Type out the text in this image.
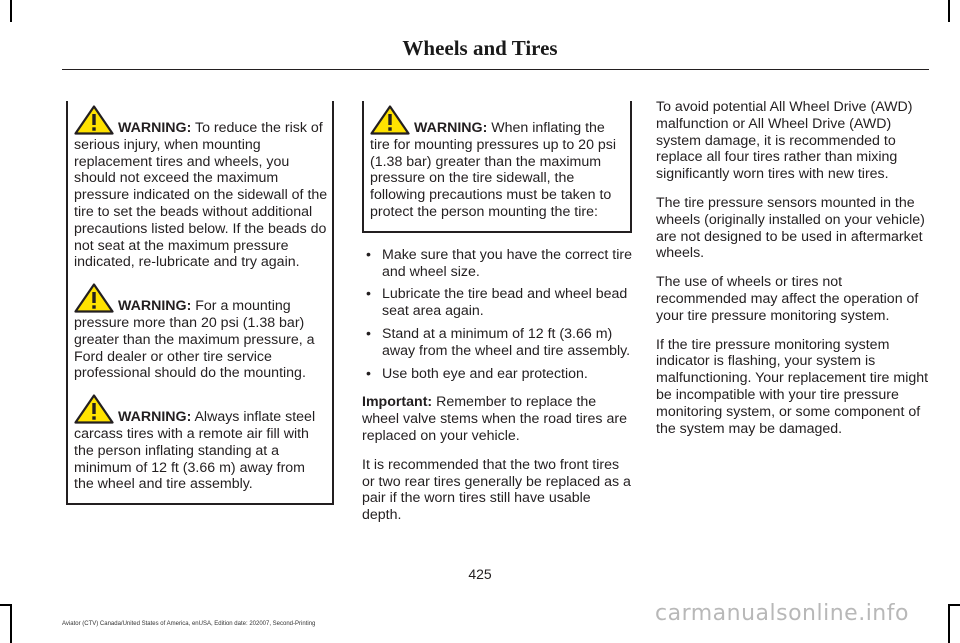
Wheels and Tires
WARNING: To reduce the risk of serious injury, when mounting replacement tires and wheels, you should not exceed the maximum pressure indicated on the sidewall of the tire to set the beads without additional precautions listed below. If the beads do not seat at the maximum pressure indicated, re-lubricate and try again.
WARNING: For a mounting pressure more than 20 psi (1.38 bar) greater than the maximum pressure, a Ford dealer or other tire service professional should do the mounting.
WARNING: Always inflate steel carcass tires with a remote air fill with the person inflating standing at a minimum of 12 ft (3.66 m) away from the wheel and tire assembly.
WARNING: When inflating the tire for mounting pressures up to 20 psi (1.38 bar) greater than the maximum pressure on the tire sidewall, the following precautions must be taken to protect the person mounting the tire:
• Make sure that you have the correct tire and wheel size.
• Lubricate the tire bead and wheel bead seat area again.
• Stand at a minimum of 12 ft (3.66 m) away from the wheel and tire assembly.
• Use both eye and ear protection.

Important: Remember to replace the wheel valve stems when the road tires are replaced on your vehicle.

It is recommended that the two front tires or two rear tires generally be replaced as a pair if the worn tires still have usable depth.

To avoid potential All Wheel Drive (AWD) malfunction or All Wheel Drive (AWD) system damage, it is recommended to replace all four tires rather than mixing significantly worn tires with new tires.

The tire pressure sensors mounted in the wheels (originally installed on your vehicle) are not designed to be used in aftermarket wheels.

The use of wheels or tires not recommended may affect the operation of your tire pressure monitoring system.

If the tire pressure monitoring system indicator is flashing, your system is malfunctioning. Your replacement tire might be incompatible with your tire pressure monitoring system, or some component of the system may be damaged.

425
Aviator (CTV) Canada/United States of America, enUSA, Edition date: 202007, Second-Printing	carmanualsonline.info
